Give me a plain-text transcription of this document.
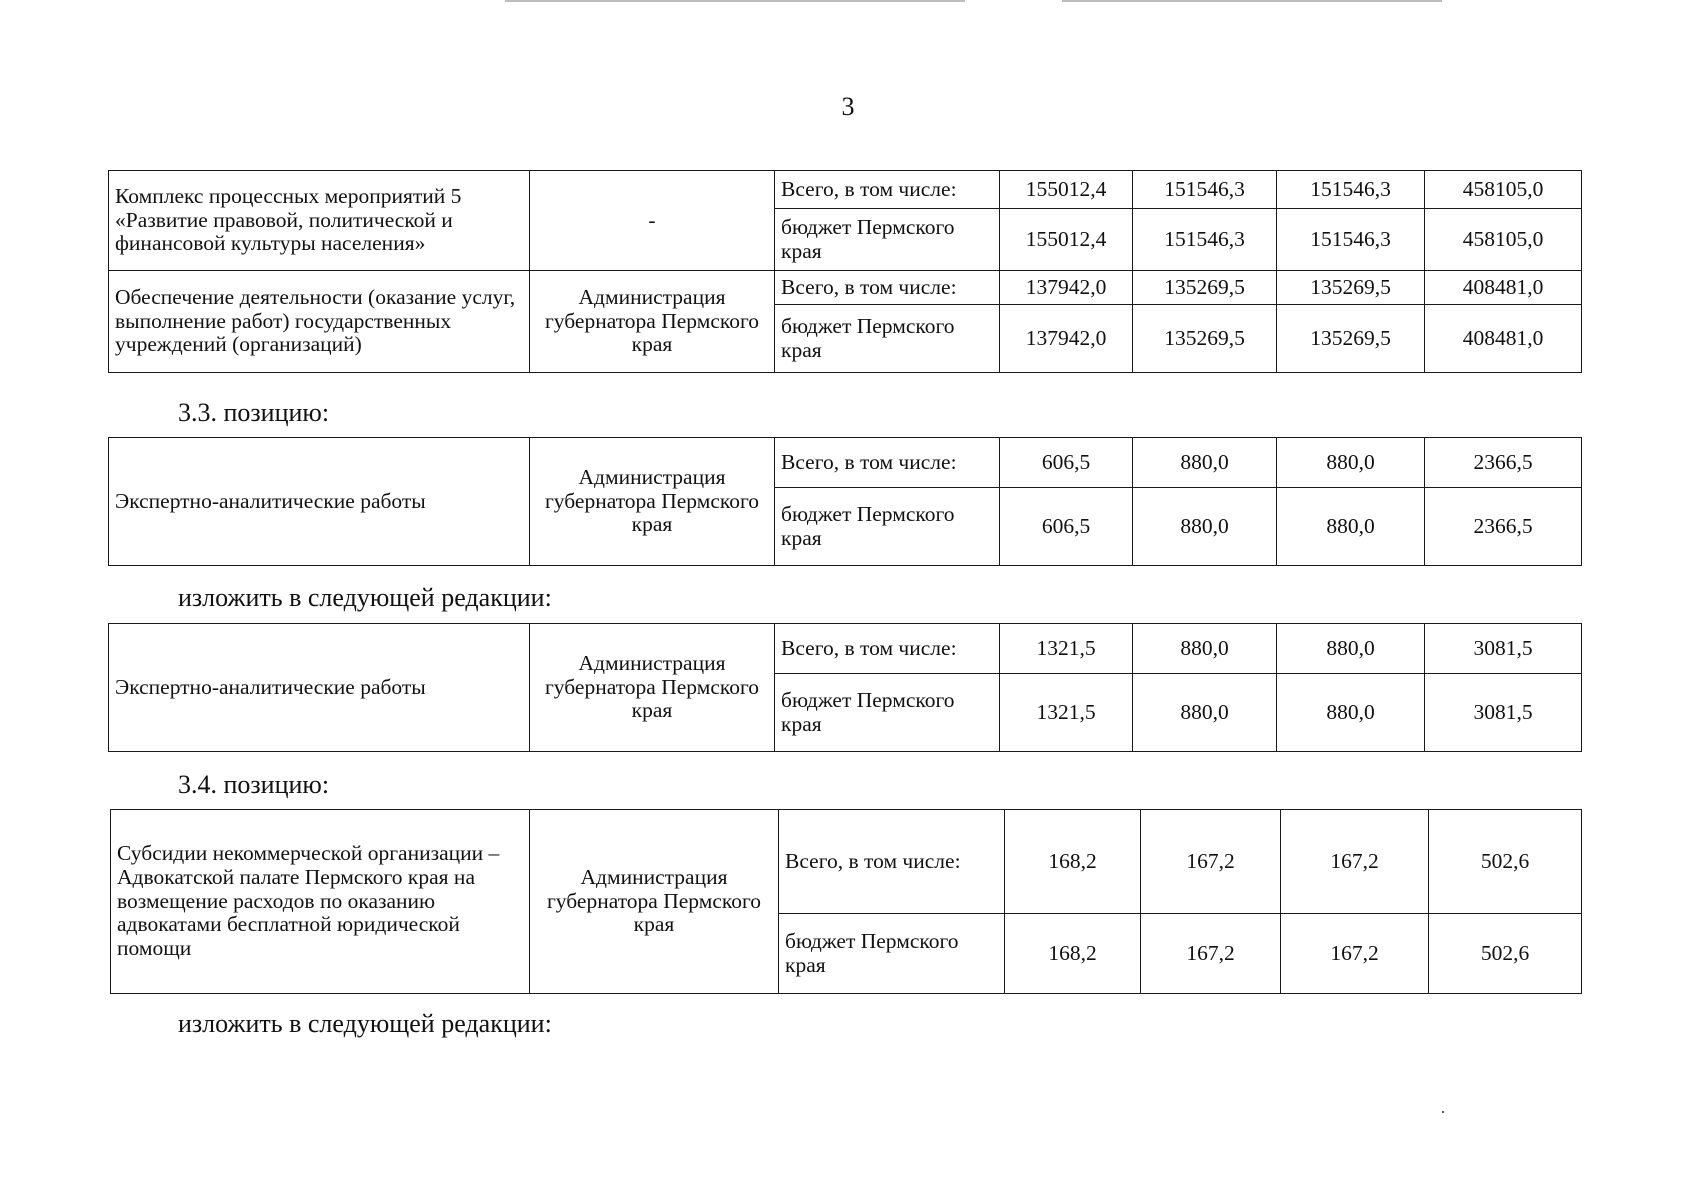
3
Комплекс процессных мероприятий 5 «Развитие правовой, политической и финансовой культуры населения»	-	Всего, в том числе:	155012,4	151546,3	151546,3	458105,0
		бюджет Пермского края	155012,4	151546,3	151546,3	458105,0
Обеспечение деятельности (оказание услуг, выполнение работ) государственных учреждений (организаций)	Администрация губернатора Пермского края	Всего, в том числе:	137942,0	135269,5	135269,5	408481,0
		бюджет Пермского края	137942,0	135269,5	135269,5	408481,0
3.3. позицию:
Экспертно-аналитические работы	Администрация губернатора Пермского края	Всего, в том числе:	606,5	880,0	880,0	2366,5
		бюджет Пермского края	606,5	880,0	880,0	2366,5
изложить в следующей редакции:
Экспертно-аналитические работы	Администрация губернатора Пермского края	Всего, в том числе:	1321,5	880,0	880,0	3081,5
		бюджет Пермского края	1321,5	880,0	880,0	3081,5
3.4. позицию:
Субсидии некоммерческой организации – Адвокатской палате Пермского края на возмещение расходов по оказанию адвокатами бесплатной юридической помощи	Администрация губернатора Пермского края	Всего, в том числе:	168,2	167,2	167,2	502,6
		бюджет Пермского края	168,2	167,2	167,2	502,6
изложить в следующей редакции:
